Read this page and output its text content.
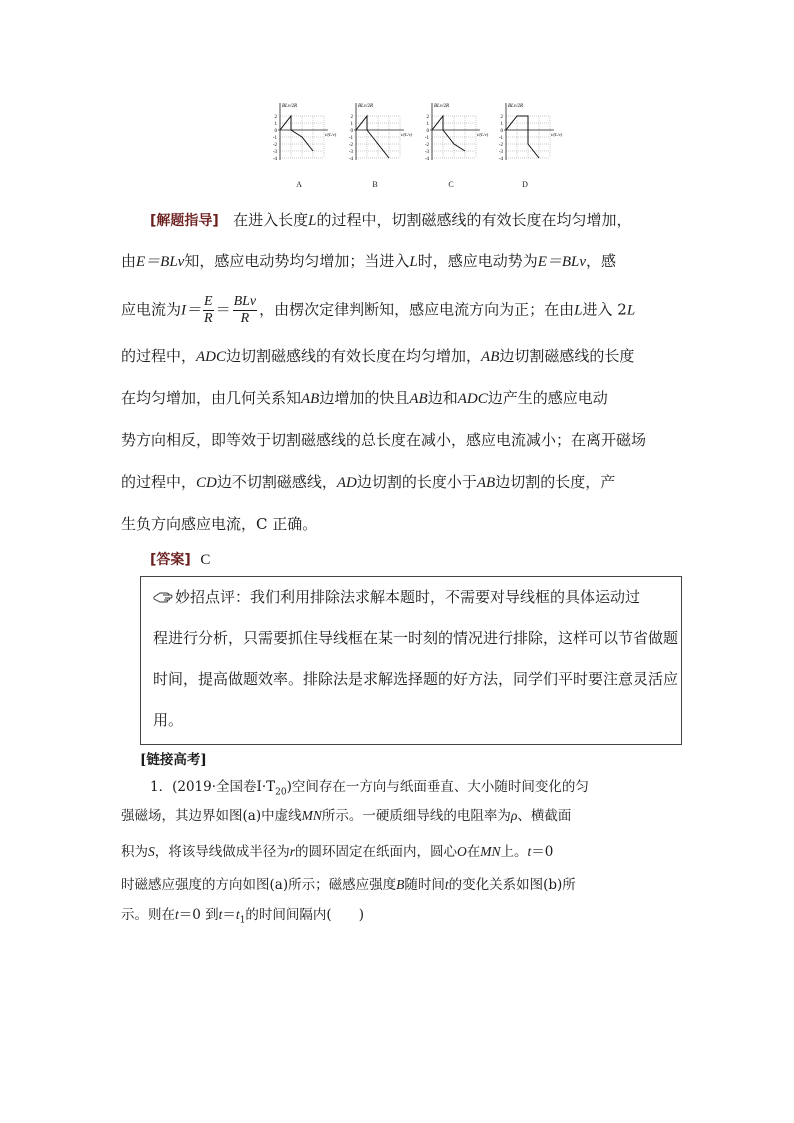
2
1
0
-1
-2
-3
-4
BLv/2R
t/(L/v)
A
2
1
0
-1
-2
-3
-4
BLv/2R
t/(L/v)
B
2
1
0
-1
-2
-3
-4
BLv/2R
t/(L/v)
C
2
1
0
-1
-2
-3
-4
BLv/2R
t/(L/v)
D
[解题指导] 在进入长度L的过程中，切割磁感线的有效长度在均匀增加，
由E＝BLv知，感应电动势均匀增加；当进入L时，感应电动势为E＝BLv，感
应电流为$I= \frac{E}{R} = \frac{\text{BLv}}{R}$ ，由楞次定律判断知，感应电流方向为正；在由L进入 2L
的过程中，ADC边切割磁感线的有效长度在均匀增加，AB边切割磁感线的长度
在均匀增加，由几何关系知AB边增加的快且AB边和ADC边产生的感应电动
势方向相反，即等效于切割磁感线的总长度在减小，感应电流减小；在离开磁场
的过程中，CD边不切割磁感线，AD边切割的长度小于AB边切割的长度，产
生负方向感应电流，C 正确。
[答案] C
妙招点评：我们利用排除法求解本题时，不需要对导线框的具体运动过
程进行分析，只需要抓住导线框在某一时刻的情况进行排除，这样可以节省做题
时间，提高做题效率。排除法是求解选择题的好方法，同学们平时要注意灵活应
用。
[链接高考]
1．(2019·全国卷$Ⅰ\cdot T_{20}$)空间存在一方向与纸面垂直、大小随时间变化的匀
强磁场，其边界如图(a)中虚线MN所示。一硬质细导线的电阻率为ρ、横截面
积为S，将该导线做成半径为r的圆环固定在纸面内，圆心O在MN上。t＝0
时磁感应强度的方向如图(a)所示；磁感应强度B随时间t的变化关系如图(b)所
示。则在t＝0 到$t=t_1$的时间间隔内(　　)
